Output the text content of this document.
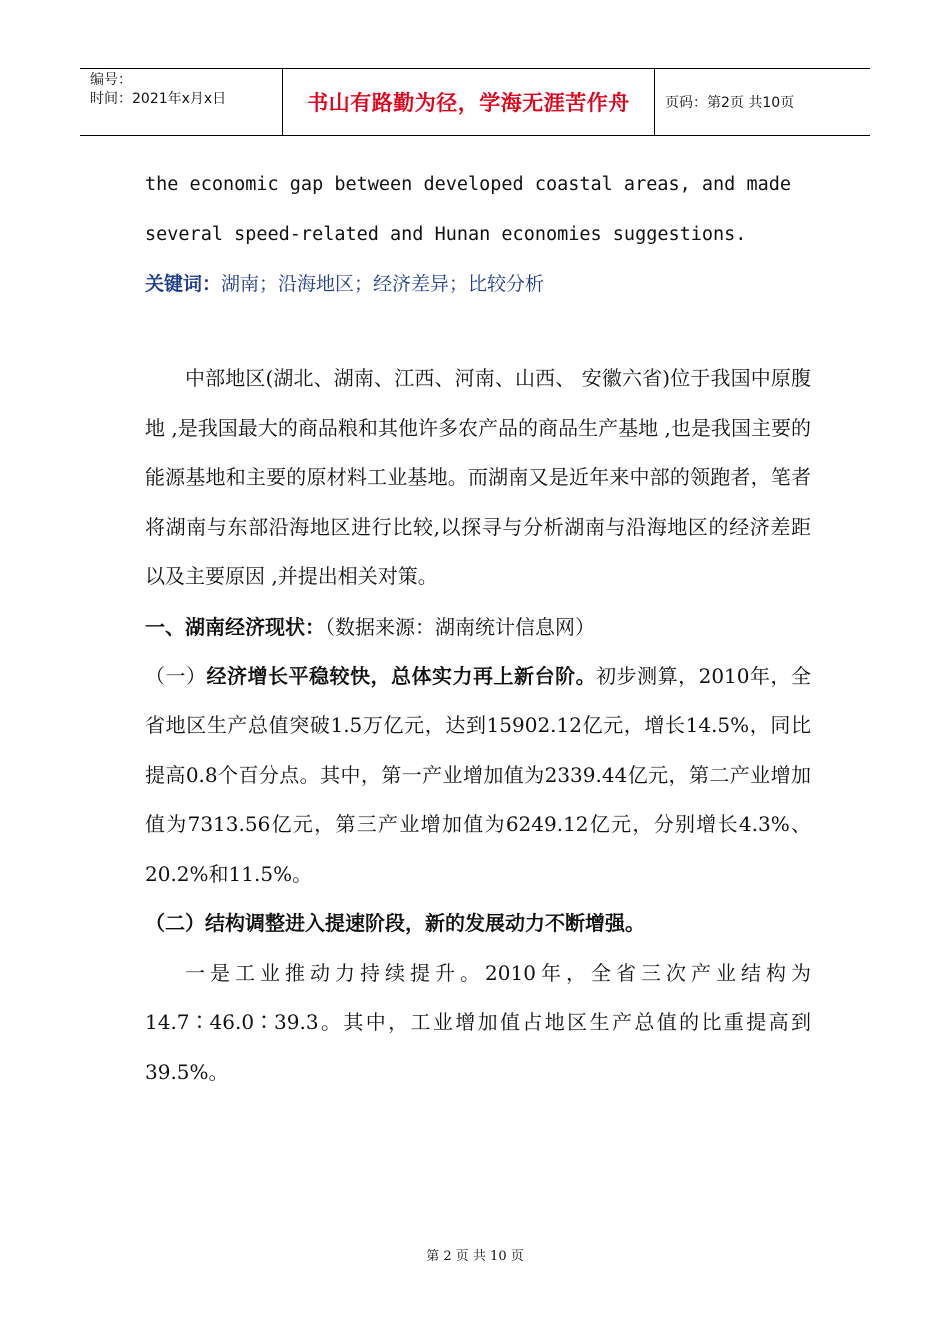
编号：
时间：2021年x月x日	书山有路勤为径，学海无涯苦作舟	页码：第2页 共10页

the economic gap between developed coastal areas, and made

several speed-related and Hunan economies suggestions.

关键词：湖南；沿海地区；经济差异；比较分析

中部地区(湖北、湖南、江西、河南、山西、 安徽六省)位于我国中原腹地 ,是我国最大的商品粮和其他许多农产品的商品生产基地 ,也是我国主要的能源基地和主要的原材料工业基地。而湖南又是近年来中部的领跑者，笔者将湖南与东部沿海地区进行比较,以探寻与分析湖南与沿海地区的经济差距以及主要原因 ,并提出相关对策。

一、湖南经济现状：（数据来源：湖南统计信息网）

（一）经济增长平稳较快，总体实力再上新台阶。初步测算，2010年，全省地区生产总值突破1.5万亿元，达到15902.12亿元，增长14.5%，同比提高0.8个百分点。其中，第一产业增加值为2339.44亿元，第二产业增加值为7313.56亿元，第三产业增加值为6249.12亿元，分别增长4.3%、20.2%和11.5%。

（二）结构调整进入提速阶段，新的发展动力不断增强。

一是工业推动力持续提升。2010年，全省三次产业结构为14.7∶46.0∶39.3。其中，工业增加值占地区生产总值的比重提高到39.5%。

第 2 页 共 10 页
